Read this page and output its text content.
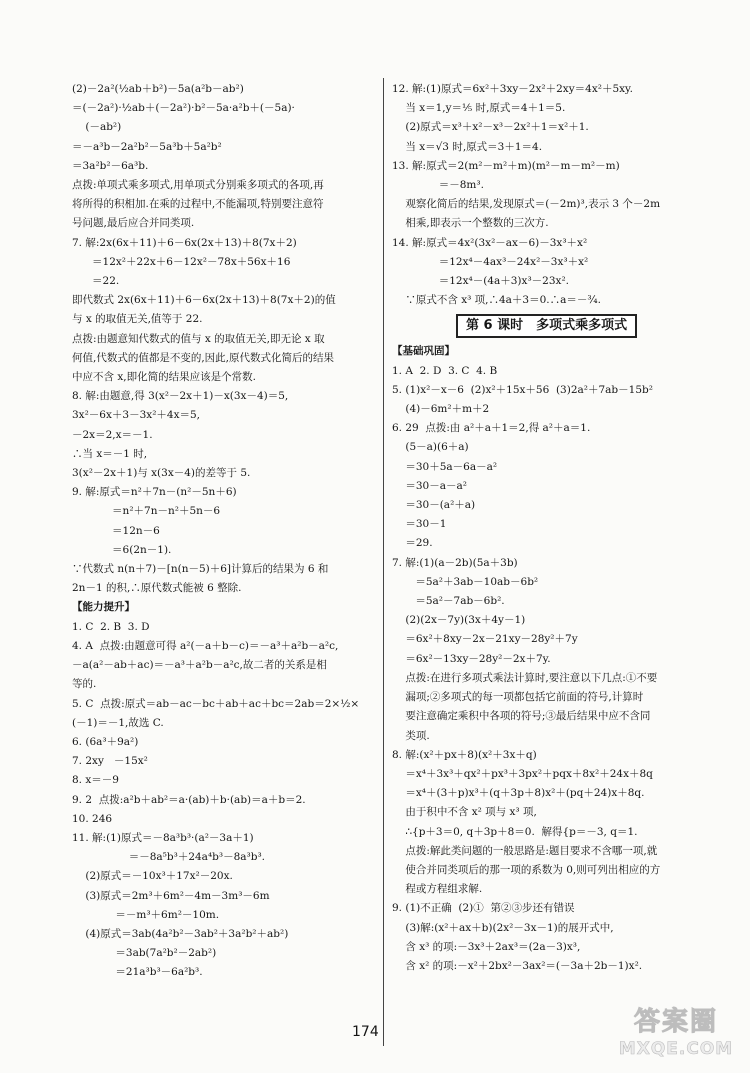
(2)－2a²(½ab＋b²)－5a(a²b－ab²)
＝(－2a²)·½ab＋(－2a²)·b²－5a·a²b＋(－5a)·
(－ab²)
＝－a³b－2a²b²－5a³b＋5a²b²
＝3a²b²－6a³b.
点拨:单项式乘多项式,用单项式分别乘多项式的各项,再
将所得的积相加.在乘的过程中,不能漏项,特别要注意符
号问题,最后应合并同类项.
7. 解:2x(6x＋11)＋6－6x(2x＋13)＋8(7x＋2)
＝12x²＋22x＋6－12x²－78x＋56x＋16
＝22.
即代数式 2x(6x＋11)＋6－6x(2x＋13)＋8(7x＋2)的值
与 x 的取值无关,值等于 22.
点拨:由题意知代数式的值与 x 的取值无关,即无论 x 取
何值,代数式的值都是不变的,因此,原代数式化简后的结果
中应不含 x,即化简的结果应该是个常数.
8. 解:由题意,得 3(x²－2x＋1)－x(3x－4)＝5,
3x²－6x＋3－3x²＋4x＝5,
－2x＝2,x＝－1.
∴当 x＝－1 时,
3(x²－2x＋1)与 x(3x－4)的差等于 5.
9. 解:原式＝n²＋7n－(n²－5n＋6)
＝n²＋7n－n²＋5n－6
＝12n－6
＝6(2n－1).
∵代数式 n(n＋7)－[n(n－5)＋6]计算后的结果为 6 和
2n－1 的积,∴原代数式能被 6 整除.
【能力提升】
1. C  2. B  3. D
4. A  点拨:由题意可得 a²(－a＋b－c)＝－a³＋a²b－a²c,
－a(a²－ab＋ac)＝－a³＋a²b－a²c,故二者的关系是相
等的.
5. C  点拨:原式＝ab－ac－bc＋ab＋ac＋bc＝2ab＝2×½×
(－1)＝－1,故选 C.
6. (6a³＋9a²)
7. 2xy   －15x²
8. x＝－9
9. 2  点拨:a²b＋ab²＝a·(ab)＋b·(ab)＝a＋b＝2.
10. 246
11. 解:(1)原式＝－8a³b³·(a²－3a＋1)
＝－8a⁵b³＋24a⁴b³－8a³b³.
(2)原式＝－10x³＋17x²－20x.
(3)原式＝2m³＋6m²－4m－3m³－6m
＝－m³＋6m²－10m.
(4)原式＝3ab(4a²b²－3ab²＋3a²b²＋ab²)
＝3ab(7a²b²－2ab²)
＝21a³b³－6a²b³.
12. 解:(1)原式＝6x²＋3xy－2x²＋2xy＝4x²＋5xy.
当 x＝1,y＝⅕ 时,原式＝4＋1＝5.
(2)原式＝x³＋x²－x³－2x²＋1＝x²＋1.
当 x＝√3 时,原式＝3＋1＝4.
13. 解:原式＝2(m²－m²＋m)(m²－m－m²－m)
＝－8m³.
观察化简后的结果,发现原式＝(－2m)³,表示 3 个－2m
相乘,即表示一个整数的三次方.
14. 解:原式＝4x²(3x²－ax－6)－3x³＋x²
＝12x⁴－4ax³－24x²－3x³＋x²
＝12x⁴－(4a＋3)x³－23x².
∵原式不含 x³ 项,∴4a＋3＝0.∴a＝－¾.
第 6 课时　多项式乘多项式
【基础巩固】
1. A  2. D  3. C  4. B
5. (1)x²－x－6  (2)x²＋15x＋56  (3)2a²＋7ab－15b²
(4)－6m²＋m＋2
6. 29  点拨:由 a²＋a＋1＝2,得 a²＋a＝1.
(5－a)(6＋a)
＝30＋5a－6a－a²
＝30－a－a²
＝30－(a²＋a)
＝30－1
＝29.
7. 解:(1)(a－2b)(5a＋3b)
＝5a²＋3ab－10ab－6b²
＝5a²－7ab－6b².
(2)(2x－7y)(3x＋4y－1)
＝6x²＋8xy－2x－21xy－28y²＋7y
＝6x²－13xy－28y²－2x＋7y.
点拨:在进行多项式乘法计算时,要注意以下几点:①不要
漏项;②多项式的每一项都包括它前面的符号,计算时
要注意确定乘积中各项的符号;③最后结果中应不含同
类项.
8. 解:(x²＋px＋8)(x²＋3x＋q)
＝x⁴＋3x³＋qx²＋px³＋3px²＋pqx＋8x²＋24x＋8q
＝x⁴＋(3＋p)x³＋(q＋3p＋8)x²＋(pq＋24)x＋8q.
由于积中不含 x² 项与 x³ 项,
∴{p＋3＝0, q＋3p＋8＝0.  解得{p＝－3, q＝1.
点拨:解此类问题的一般思路是:题目要求不含哪一项,就
使合并同类项后的那一项的系数为 0,则可列出相应的方
程或方程组求解.
9. (1)不正确  (2)①  第②③步还有错误
(3)解:(x²＋ax＋b)(2x²－3x－1)的展开式中,
含 x³ 的项:－3x³＋2ax³＝(2a－3)x³,
含 x² 的项:－x²＋2bx²－3ax²＝(－3a＋2b－1)x².
174	答案圈
MXQE.COM
